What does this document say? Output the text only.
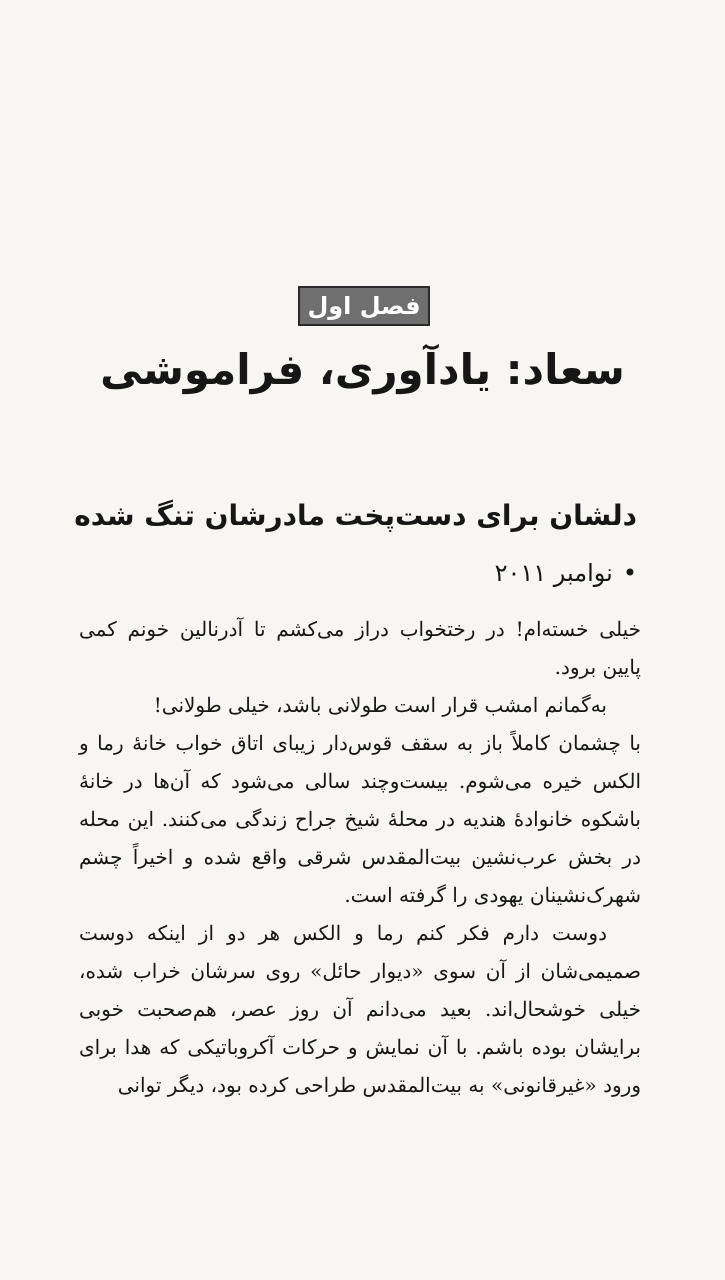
فصل اول
سعاد: یادآوری، فراموشی
دلشان برای دست‌پخت مادرشان تنگ شده
•نوامبر ۲۰۱۱

خیلی خسته‌ام! در رختخواب دراز می‌کشم تا آدرنالین خونم کمی پایین برود.

به‌گمانم امشب قرار است طولانی باشد، خیلی طولانی!

با چشمان کاملاً باز به سقف قوس‌دار زیبای اتاق خواب خانهٔ رما و الکس خیره می‌شوم. بیست‌وچند سالی می‌شود که آن‌ها در خانهٔ باشکوه خانوادهٔ هندیه در محلهٔ شیخ جراح زندگی می‌کنند. این محله در بخش عرب‌نشین بیت‌المقدس شرقی واقع شده و اخیراً چشم شهرک‌نشینان یهودی را گرفته است.

دوست دارم فکر کنم رما و الکس هر دو از اینکه دوست صمیمی‌شان از آن سوی «دیوار حائل» روی سرشان خراب شده، خیلی خوشحال‌اند. بعید می‌دانم آن روز عصر، هم‌صحبت خوبی برایشان بوده باشم. با آن نمایش و حرکات آکروباتیکی که هدا برای ورود «غیرقانونی» به بیت‌المقدس طراحی کرده بود، دیگر توانی
